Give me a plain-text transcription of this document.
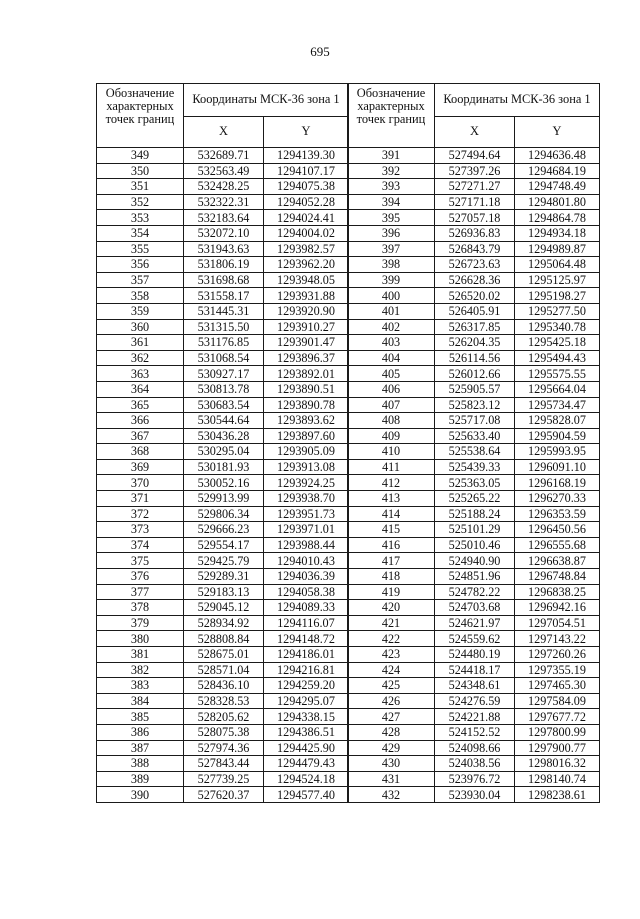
695
Обозначение характерных точек границ	Координаты МСК-36 зона 1	
	X	Y
349	532689.71	1294139.30
350	532563.49	1294107.17
351	532428.25	1294075.38
352	532322.31	1294052.28
353	532183.64	1294024.41
354	532072.10	1294004.02
355	531943.63	1293982.57
356	531806.19	1293962.20
357	531698.68	1293948.05
358	531558.17	1293931.88
359	531445.31	1293920.90
360	531315.50	1293910.27
361	531176.85	1293901.47
362	531068.54	1293896.37
363	530927.17	1293892.01
364	530813.78	1293890.51
365	530683.54	1293890.78
366	530544.64	1293893.62
367	530436.28	1293897.60
368	530295.04	1293905.09
369	530181.93	1293913.08
370	530052.16	1293924.25
371	529913.99	1293938.70
372	529806.34	1293951.73
373	529666.23	1293971.01
374	529554.17	1293988.44
375	529425.79	1294010.43
376	529289.31	1294036.39
377	529183.13	1294058.38
378	529045.12	1294089.33
379	528934.92	1294116.07
380	528808.84	1294148.72
381	528675.01	1294186.01
382	528571.04	1294216.81
383	528436.10	1294259.20
384	528328.53	1294295.07
385	528205.62	1294338.15
386	528075.38	1294386.51
387	527974.36	1294425.90
388	527843.44	1294479.43
389	527739.25	1294524.18
390	527620.37	1294577.40
Обозначение характерных точек границ	Координаты МСК-36 зона 1	
	X	Y
391	527494.64	1294636.48
392	527397.26	1294684.19
393	527271.27	1294748.49
394	527171.18	1294801.80
395	527057.18	1294864.78
396	526936.83	1294934.18
397	526843.79	1294989.87
398	526723.63	1295064.48
399	526628.36	1295125.97
400	526520.02	1295198.27
401	526405.91	1295277.50
402	526317.85	1295340.78
403	526204.35	1295425.18
404	526114.56	1295494.43
405	526012.66	1295575.55
406	525905.57	1295664.04
407	525823.12	1295734.47
408	525717.08	1295828.07
409	525633.40	1295904.59
410	525538.64	1295993.95
411	525439.33	1296091.10
412	525363.05	1296168.19
413	525265.22	1296270.33
414	525188.24	1296353.59
415	525101.29	1296450.56
416	525010.46	1296555.68
417	524940.90	1296638.87
418	524851.96	1296748.84
419	524782.22	1296838.25
420	524703.68	1296942.16
421	524621.97	1297054.51
422	524559.62	1297143.22
423	524480.19	1297260.26
424	524418.17	1297355.19
425	524348.61	1297465.30
426	524276.59	1297584.09
427	524221.88	1297677.72
428	524152.52	1297800.99
429	524098.66	1297900.77
430	524038.56	1298016.32
431	523976.72	1298140.74
432	523930.04	1298238.61
